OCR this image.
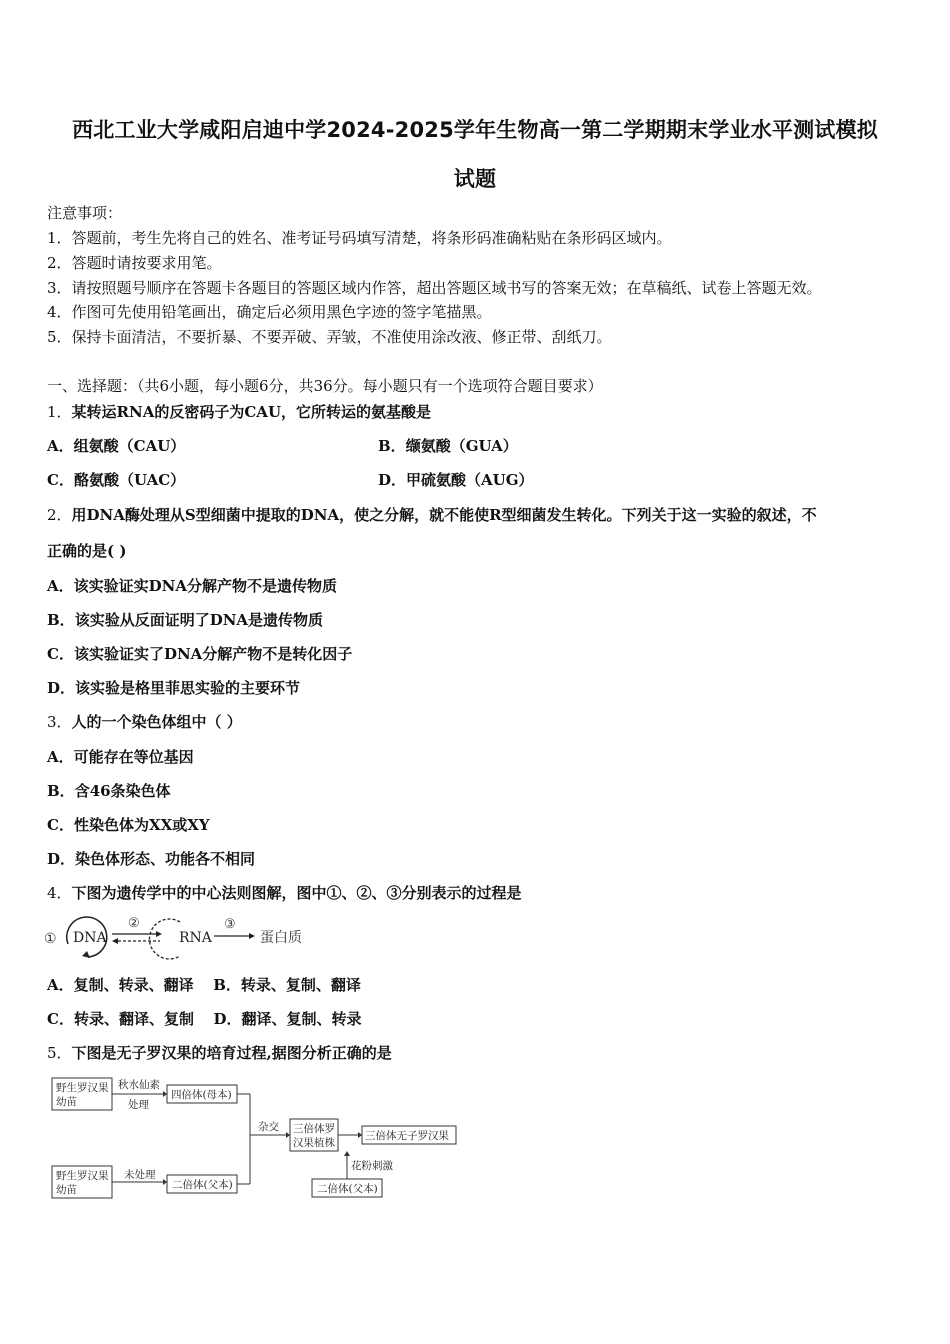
西北工业大学咸阳启迪中学2024-2025学年生物高一第二学期期末学业水平测试模拟
试题
注意事项：
1．答题前，考生先将自己的姓名、准考证号码填写清楚，将条形码准确粘贴在条形码区域内。
2．答题时请按要求用笔。
3．请按照题号顺序在答题卡各题目的答题区域内作答，超出答题区域书写的答案无效；在草稿纸、试卷上答题无效。
4．作图可先使用铅笔画出，确定后必须用黑色字迹的签字笔描黑。
5．保持卡面清洁，不要折暴、不要弄破、弄皱，不准使用涂改液、修正带、刮纸刀。
一、选择题：（共6小题，每小题6分，共36分。每小题只有一个选项符合题目要求）
1．某转运RNA的反密码子为CAU，它所转运的氨基酸是
A．组氨酸（CAU）	B．缬氨酸（GUA）
C．酪氨酸（UAC）	D．甲硫氨酸（AUG）
2．用DNA酶处理从S型细菌中提取的DNA，使之分解，就不能使R型细菌发生转化。下列关于这一实验的叙述，不
正确的是( )
A．该实验证实DNA分解产物不是遗传物质
B．该实验从反面证明了DNA是遗传物质
C．该实验证实了DNA分解产物不是转化因子
D．该实验是格里菲思实验的主要环节
3．人的一个染色体组中（ ）
A．可能存在等位基因
B．含46条染色体
C．性染色体为XX或XY
D．染色体形态、功能各不相同
4．下图为遗传学中的中心法则图解，图中①、②、③分别表示的过程是
① DNA
②
RNA
③
蛋白质
A．复制、转录、翻译 B．转录、复制、翻译
C．转录、翻译、复制 D．翻译、复制、转录
5．下图是无子罗汉果的培育过程,据图分析正确的是
野生罗汉果
幼苗
秋水仙素
处理
四倍体(母本)
野生罗汉果
幼苗
未处理
二倍体(父本)
杂交 三倍体罗
汉果植株
三倍体无子罗汉果
花粉刺激
二倍体(父本)
